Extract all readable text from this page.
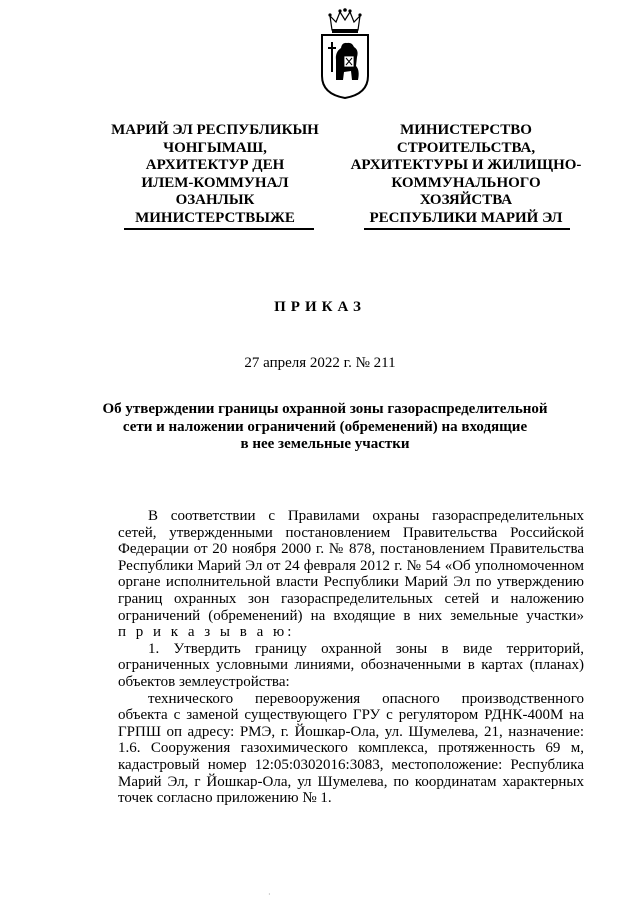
МАРИЙ ЭЛ РЕСПУБЛИКЫН
ЧОНГЫМАШ,
АРХИТЕКТУР ДЕН
ИЛЕМ-КОММУНАЛ
ОЗАНЛЫК
МИНИСТЕРСТВЫЖЕ
МИНИСТЕРСТВО
СТРОИТЕЛЬСТВА,
АРХИТЕКТУРЫ И ЖИЛИЩНО-
КОММУНАЛЬНОГО
ХОЗЯЙСТВА
РЕСПУБЛИКИ МАРИЙ ЭЛ
ПРИКАЗ
27 апреля 2022 г. № 211
Об утверждении границы охранной зоны газораспределительной
сети и наложении ограничений (обременений) на входящие
в нее земельные участки
В соответствии с Правилами охраны газораспределительных
сетей, утвержденными постановлением Правительства Российской
Федерации от 20 ноября 2000 г. № 878, постановлением Правительства
Республики Марий Эл от 24 февраля 2012 г. № 54 «Об уполномоченном
органе исполнительной власти Республики Марий Эл по утверждению
границ охранных зон газораспределительных сетей и наложению
ограничений (обременений) на входящие в них земельные участки»
п р и к а з ы в а ю:
1. Утвердить границу охранной зоны в виде территорий,
ограниченных условными линиями, обозначенными в картах (планах)
объектов землеустройства:
технического перевооружения опасного производственного
объекта с заменой существующего ГРУ с регулятором РДНК-400М на
ГРПШ оп адресу: РМЭ, г. Йошкар-Ола, ул. Шумелева, 21, назначение:
1.6. Сооружения газохимического комплекса, протяженность 69 м,
кадастровый номер 12:05:0302016:3083, местоположение: Республика
Марий Эл, г Йошкар-Ола, ул Шумелева, по координатам характерных
точек согласно приложению № 1.
·
